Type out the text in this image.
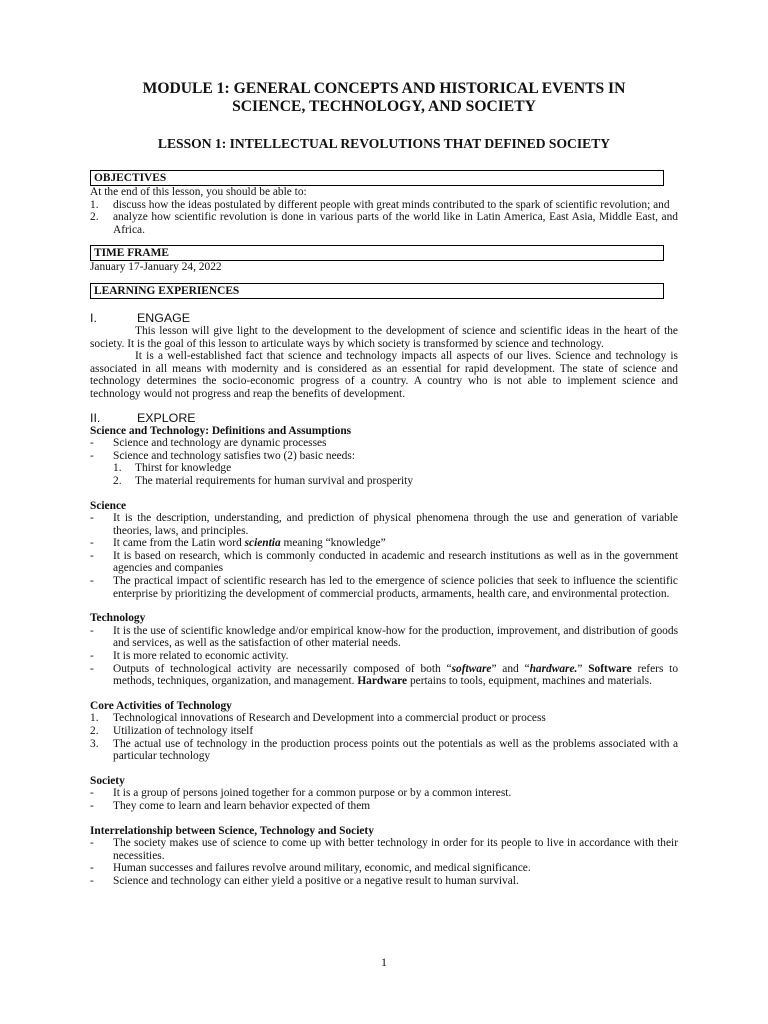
MODULE 1: GENERAL CONCEPTS AND HISTORICAL EVENTS IN
SCIENCE, TECHNOLOGY, AND SOCIETY
LESSON 1: INTELLECTUAL REVOLUTIONS THAT DEFINED SOCIETY
OBJECTIVES
At the end of this lesson, you should be able to:
1. discuss how the ideas postulated by different people with great minds contributed to the spark of scientific revolution; and
2. analyze how scientific revolution is done in various parts of the world like in Latin America, East Asia, Middle East, and Africa.
TIME FRAME
January 17-January 24, 2022
LEARNING EXPERIENCES
I.	ENGAGE
This lesson will give light to the development to the development of science and scientific ideas in the heart of the society. It is the goal of this lesson to articulate ways by which society is transformed by science and technology.
It is a well-established fact that science and technology impacts all aspects of our lives. Science and technology is associated in all means with modernity and is considered as an essential for rapid development. The state of science and technology determines the socio-economic progress of a country. A country who is not able to implement science and technology would not progress and reap the benefits of development.
II.	EXPLORE
Science and Technology: Definitions and Assumptions
- Science and technology are dynamic processes
- Science and technology satisfies two (2) basic needs:
1. Thirst for knowledge
2. The material requirements for human survival and prosperity
Science
- It is the description, understanding, and prediction of physical phenomena through the use and generation of variable theories, laws, and principles.
- It came from the Latin word scientia meaning “knowledge”
- It is based on research, which is commonly conducted in academic and research institutions as well as in the government agencies and companies
- The practical impact of scientific research has led to the emergence of science policies that seek to influence the scientific enterprise by prioritizing the development of commercial products, armaments, health care, and environmental protection.
Technology
- It is the use of scientific knowledge and/or empirical know-how for the production, improvement, and distribution of goods and services, as well as the satisfaction of other material needs.
- It is more related to economic activity.
- Outputs of technological activity are necessarily composed of both “software” and “hardware.” Software refers to methods, techniques, organization, and management. Hardware pertains to tools, equipment, machines and materials.
Core Activities of Technology
1. Technological innovations of Research and Development into a commercial product or process
2. Utilization of technology itself
3. The actual use of technology in the production process points out the potentials as well as the problems associated with a particular technology
Society
- It is a group of persons joined together for a common purpose or by a common interest.
- They come to learn and learn behavior expected of them
Interrelationship between Science, Technology and Society
- The society makes use of science to come up with better technology in order for its people to live in accordance with their necessities.
- Human successes and failures revolve around military, economic, and medical significance.
- Science and technology can either yield a positive or a negative result to human survival.
1
